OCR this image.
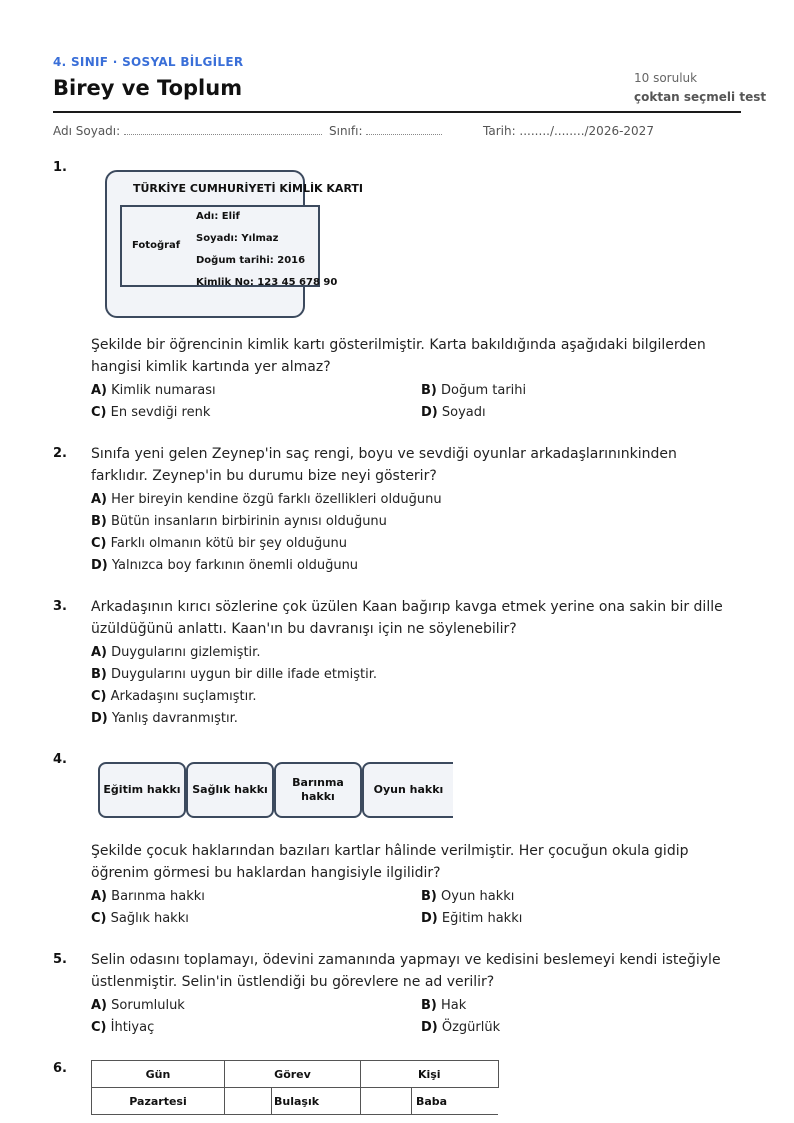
4. SINIF · SOSYAL BİLGİLER
Birey ve Toplum	10 soruluk
çoktan seçmeli test
Adı Soyadı:	Sınıfı:	Tarih: ......../......../2026-2027
1.
TÜRKİYE CUMHURİYETİ KİMLİK KARTI
Fotoğraf
Adı: Elif
Soyadı: Yılmaz
Doğum tarihi: 2016
Kimlik No: 123 45 678 90
Şekilde bir öğrencinin kimlik kartı gösterilmiştir. Karta bakıldığında aşağıdaki bilgilerden hangisi kimlik kartında yer almaz?
A) Kimlik numarası	B) Doğum tarihi
C) En sevdiği renk	D) Soyadı
2. Sınıfa yeni gelen Zeynep'in saç rengi, boyu ve sevdiği oyunlar arkadaşlarınınkinden farklıdır. Zeynep'in bu durumu bize neyi gösterir?
A) Her bireyin kendine özgü farklı özellikleri olduğunu
B) Bütün insanların birbirinin aynısı olduğunu
C) Farklı olmanın kötü bir şey olduğunu
D) Yalnızca boy farkının önemli olduğunu
3. Arkadaşının kırıcı sözlerine çok üzülen Kaan bağırıp kavga etmek yerine ona sakin bir dille üzüldüğünü anlattı. Kaan'ın bu davranışı için ne söylenebilir?
A) Duygularını gizlemiştir.
B) Duygularını uygun bir dille ifade etmiştir.
C) Arkadaşını suçlamıştır.
D) Yanlış davranmıştır.
4.
Eğitim hakkı	Sağlık hakkı
Barınma hakkı
Oyun hakkı
Şekilde çocuk haklarından bazıları kartlar hâlinde verilmiştir. Her çocuğun okula gidip öğrenim görmesi bu haklardan hangisiyle ilgilidir?
A) Barınma hakkı	B) Oyun hakkı
C) Sağlık hakkı	D) Eğitim hakkı
5. Selin odasını toplamayı, ödevini zamanında yapmayı ve kedisini beslemeyi kendi isteğiyle üstlenmiştir. Selin'in üstlendiği bu görevlere ne ad verilir?
A) Sorumluluk	B) Hak
C) İhtiyaç	D) Özgürlük
6.	Gün	Görev		Kişi	
Pazartesi		Bulaşık		Baba
